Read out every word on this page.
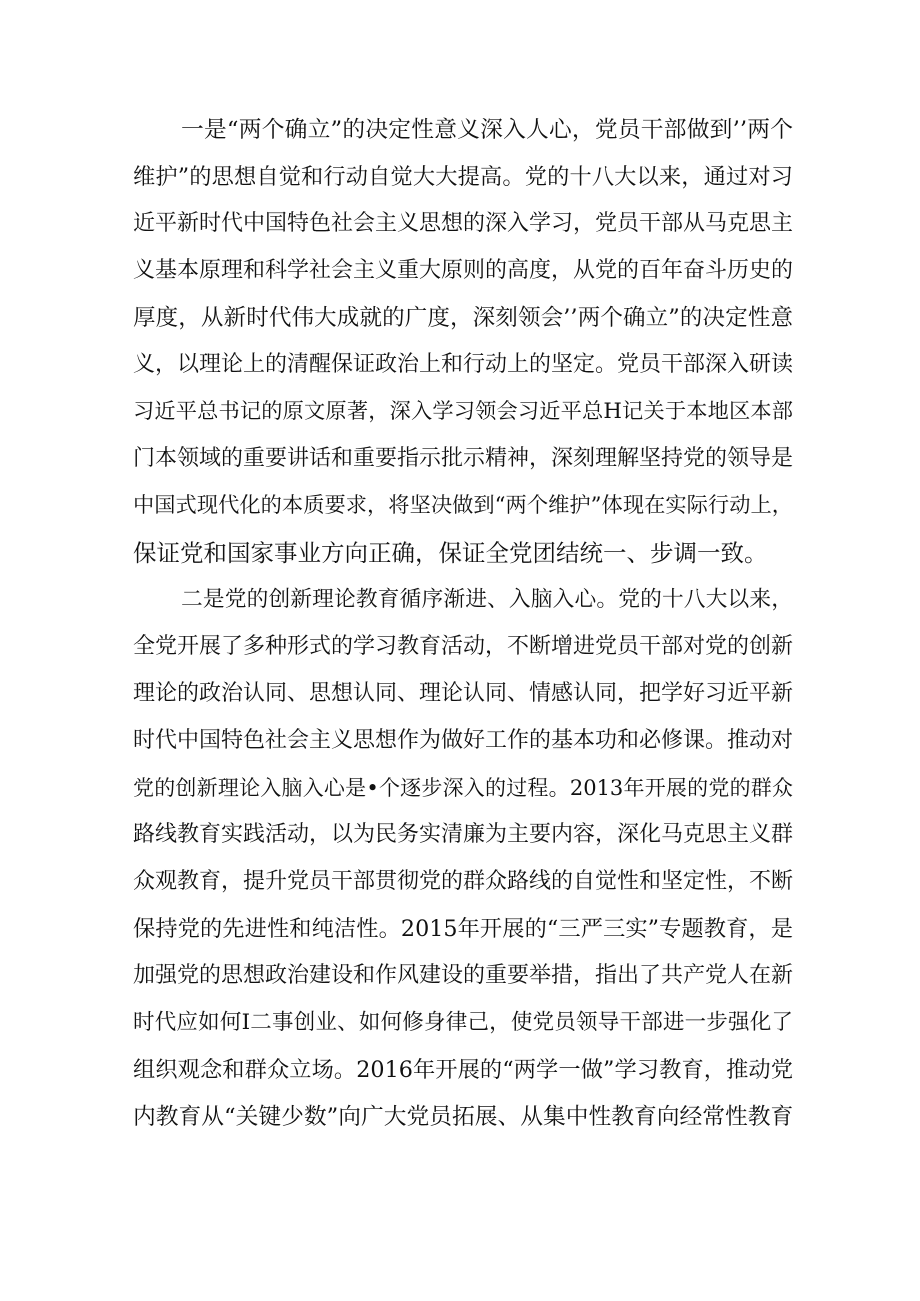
一是“两个确立”的决定性意义深入人心，党员干部做到’’两个
维护”的思想自觉和行动自觉大大提高。党的十八大以来，通过对习
近平新时代中国特色社会主义思想的深入学习，党员干部从马克思主
义基本原理和科学社会主义重大原则的高度，从党的百年奋斗历史的
厚度，从新时代伟大成就的广度，深刻领会’’两个确立”的决定性意
义，以理论上的清醒保证政治上和行动上的坚定。党员干部深入研读
习近平总书记的原文原著，深入学习领会习近平总H记关于本地区本部
门本领域的重要讲话和重要指示批示精神，深刻理解坚持党的领导是
中国式现代化的本质要求，将坚决做到“两个维护”体现在实际行动上，
保证党和国家事业方向正确，保证全党团结统一、步调一致。
二是党的创新理论教育循序渐进、入脑入心。党的十八大以来，
全党开展了多种形式的学习教育活动，不断增进党员干部对党的创新
理论的政治认同、思想认同、理论认同、情感认同，把学好习近平新
时代中国特色社会主义思想作为做好工作的基本功和必修课。推动对
党的创新理论入脑入心是•个逐步深入的过程。2013年开展的党的群众
路线教育实践活动，以为民务实清廉为主要内容，深化马克思主义群
众观教育，提升党员干部贯彻党的群众路线的自觉性和坚定性，不断
保持党的先进性和纯洁性。2015年开展的“三严三实”专题教育，是
加强党的思想政治建设和作风建设的重要举措，指出了共产党人在新
时代应如何I二事创业、如何修身律己，使党员领导干部进一步强化了
组织观念和群众立场。2016年开展的“两学一做”学习教育，推动党
内教育从“关键少数”向广大党员拓展、从集中性教育向经常性教育
